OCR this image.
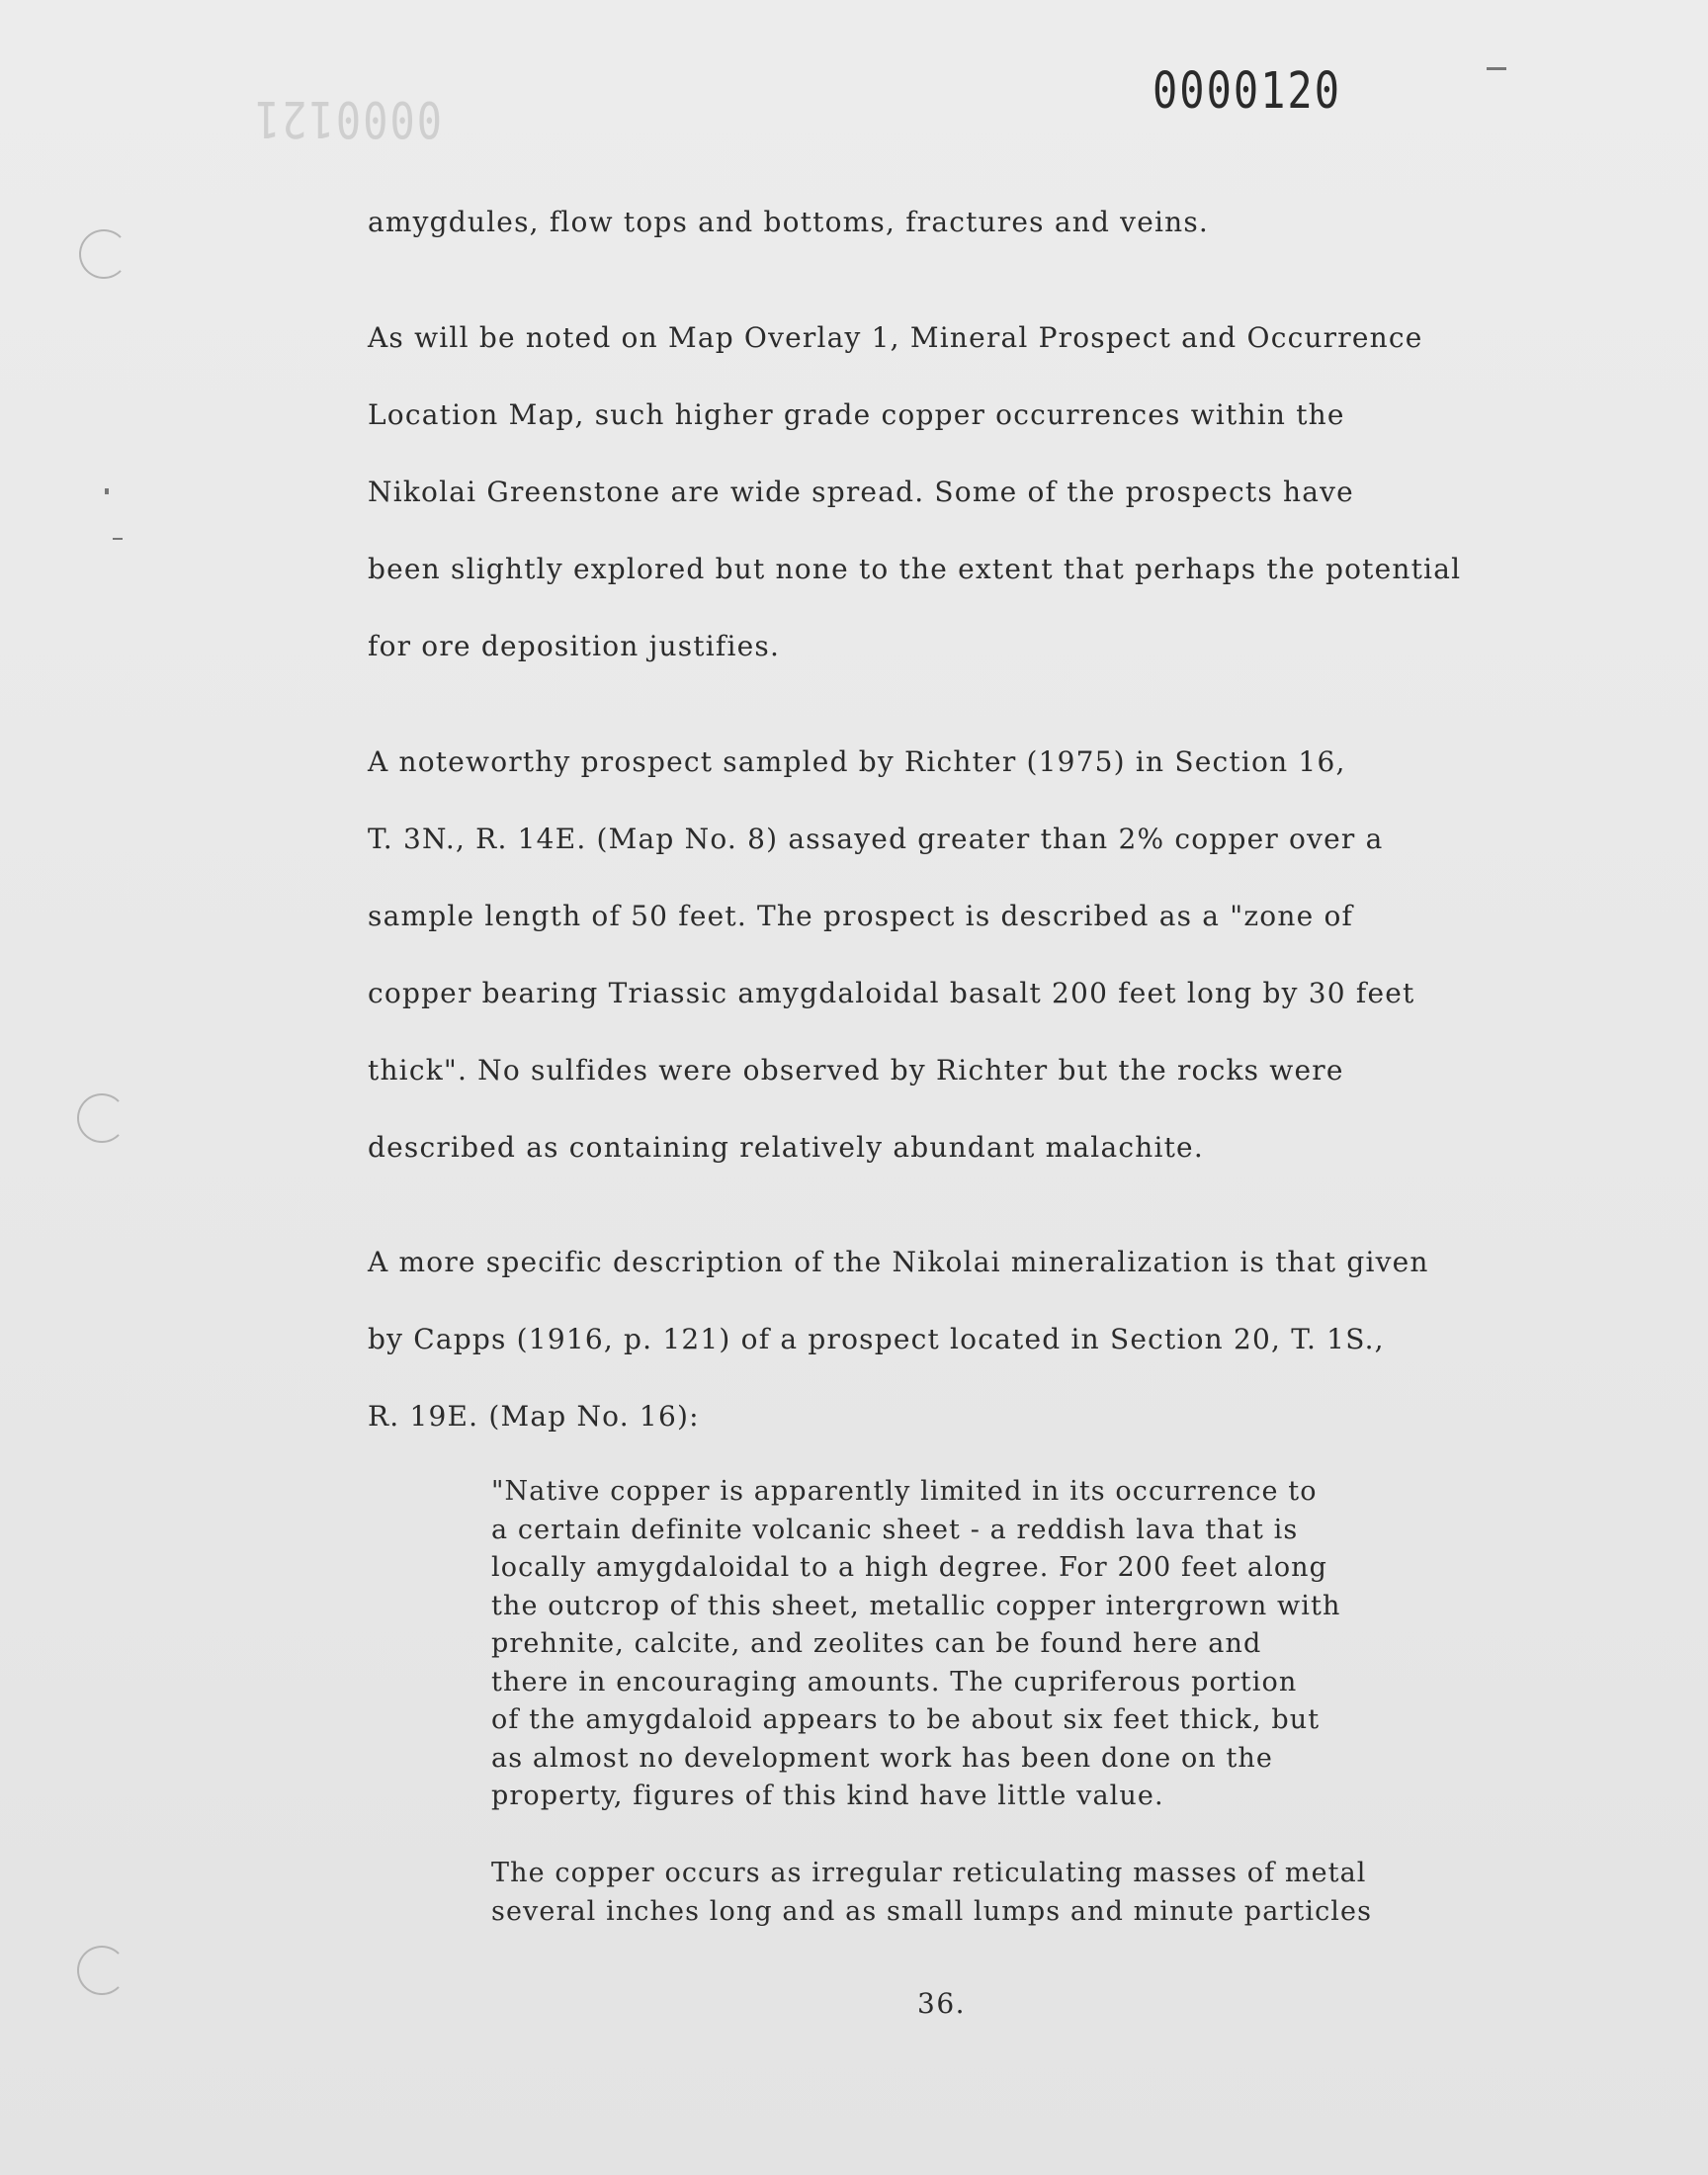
0000121	0000120

amygdules, flow tops and bottoms, fractures and veins.

As will be noted on Map Overlay 1, Mineral Prospect and Occurrence
Location Map, such higher grade copper occurrences within the
Nikolai Greenstone are wide spread. Some of the prospects have
been slightly explored but none to the extent that perhaps the potential
for ore deposition justifies.

A noteworthy prospect sampled by Richter (1975) in Section 16,
T. 3N., R. 14E. (Map No. 8) assayed greater than 2% copper over a
sample length of 50 feet. The prospect is described as a "zone of
copper bearing Triassic amygdaloidal basalt 200 feet long by 30 feet
thick". No sulfides were observed by Richter but the rocks were
described as containing relatively abundant malachite.

A more specific description of the Nikolai mineralization is that given
by Capps (1916, p. 121) of a prospect located in Section 20, T. 1S.,
R. 19E. (Map No. 16):

"Native copper is apparently limited in its occurrence to
a certain definite volcanic sheet - a reddish lava that is
locally amygdaloidal to a high degree. For 200 feet along
the outcrop of this sheet, metallic copper intergrown with
prehnite, calcite, and zeolites can be found here and
there in encouraging amounts. The cupriferous portion
of the amygdaloid appears to be about six feet thick, but
as almost no development work has been done on the
property, figures of this kind have little value.

The copper occurs as irregular reticulating masses of metal
several inches long and as small lumps and minute particles

36.
